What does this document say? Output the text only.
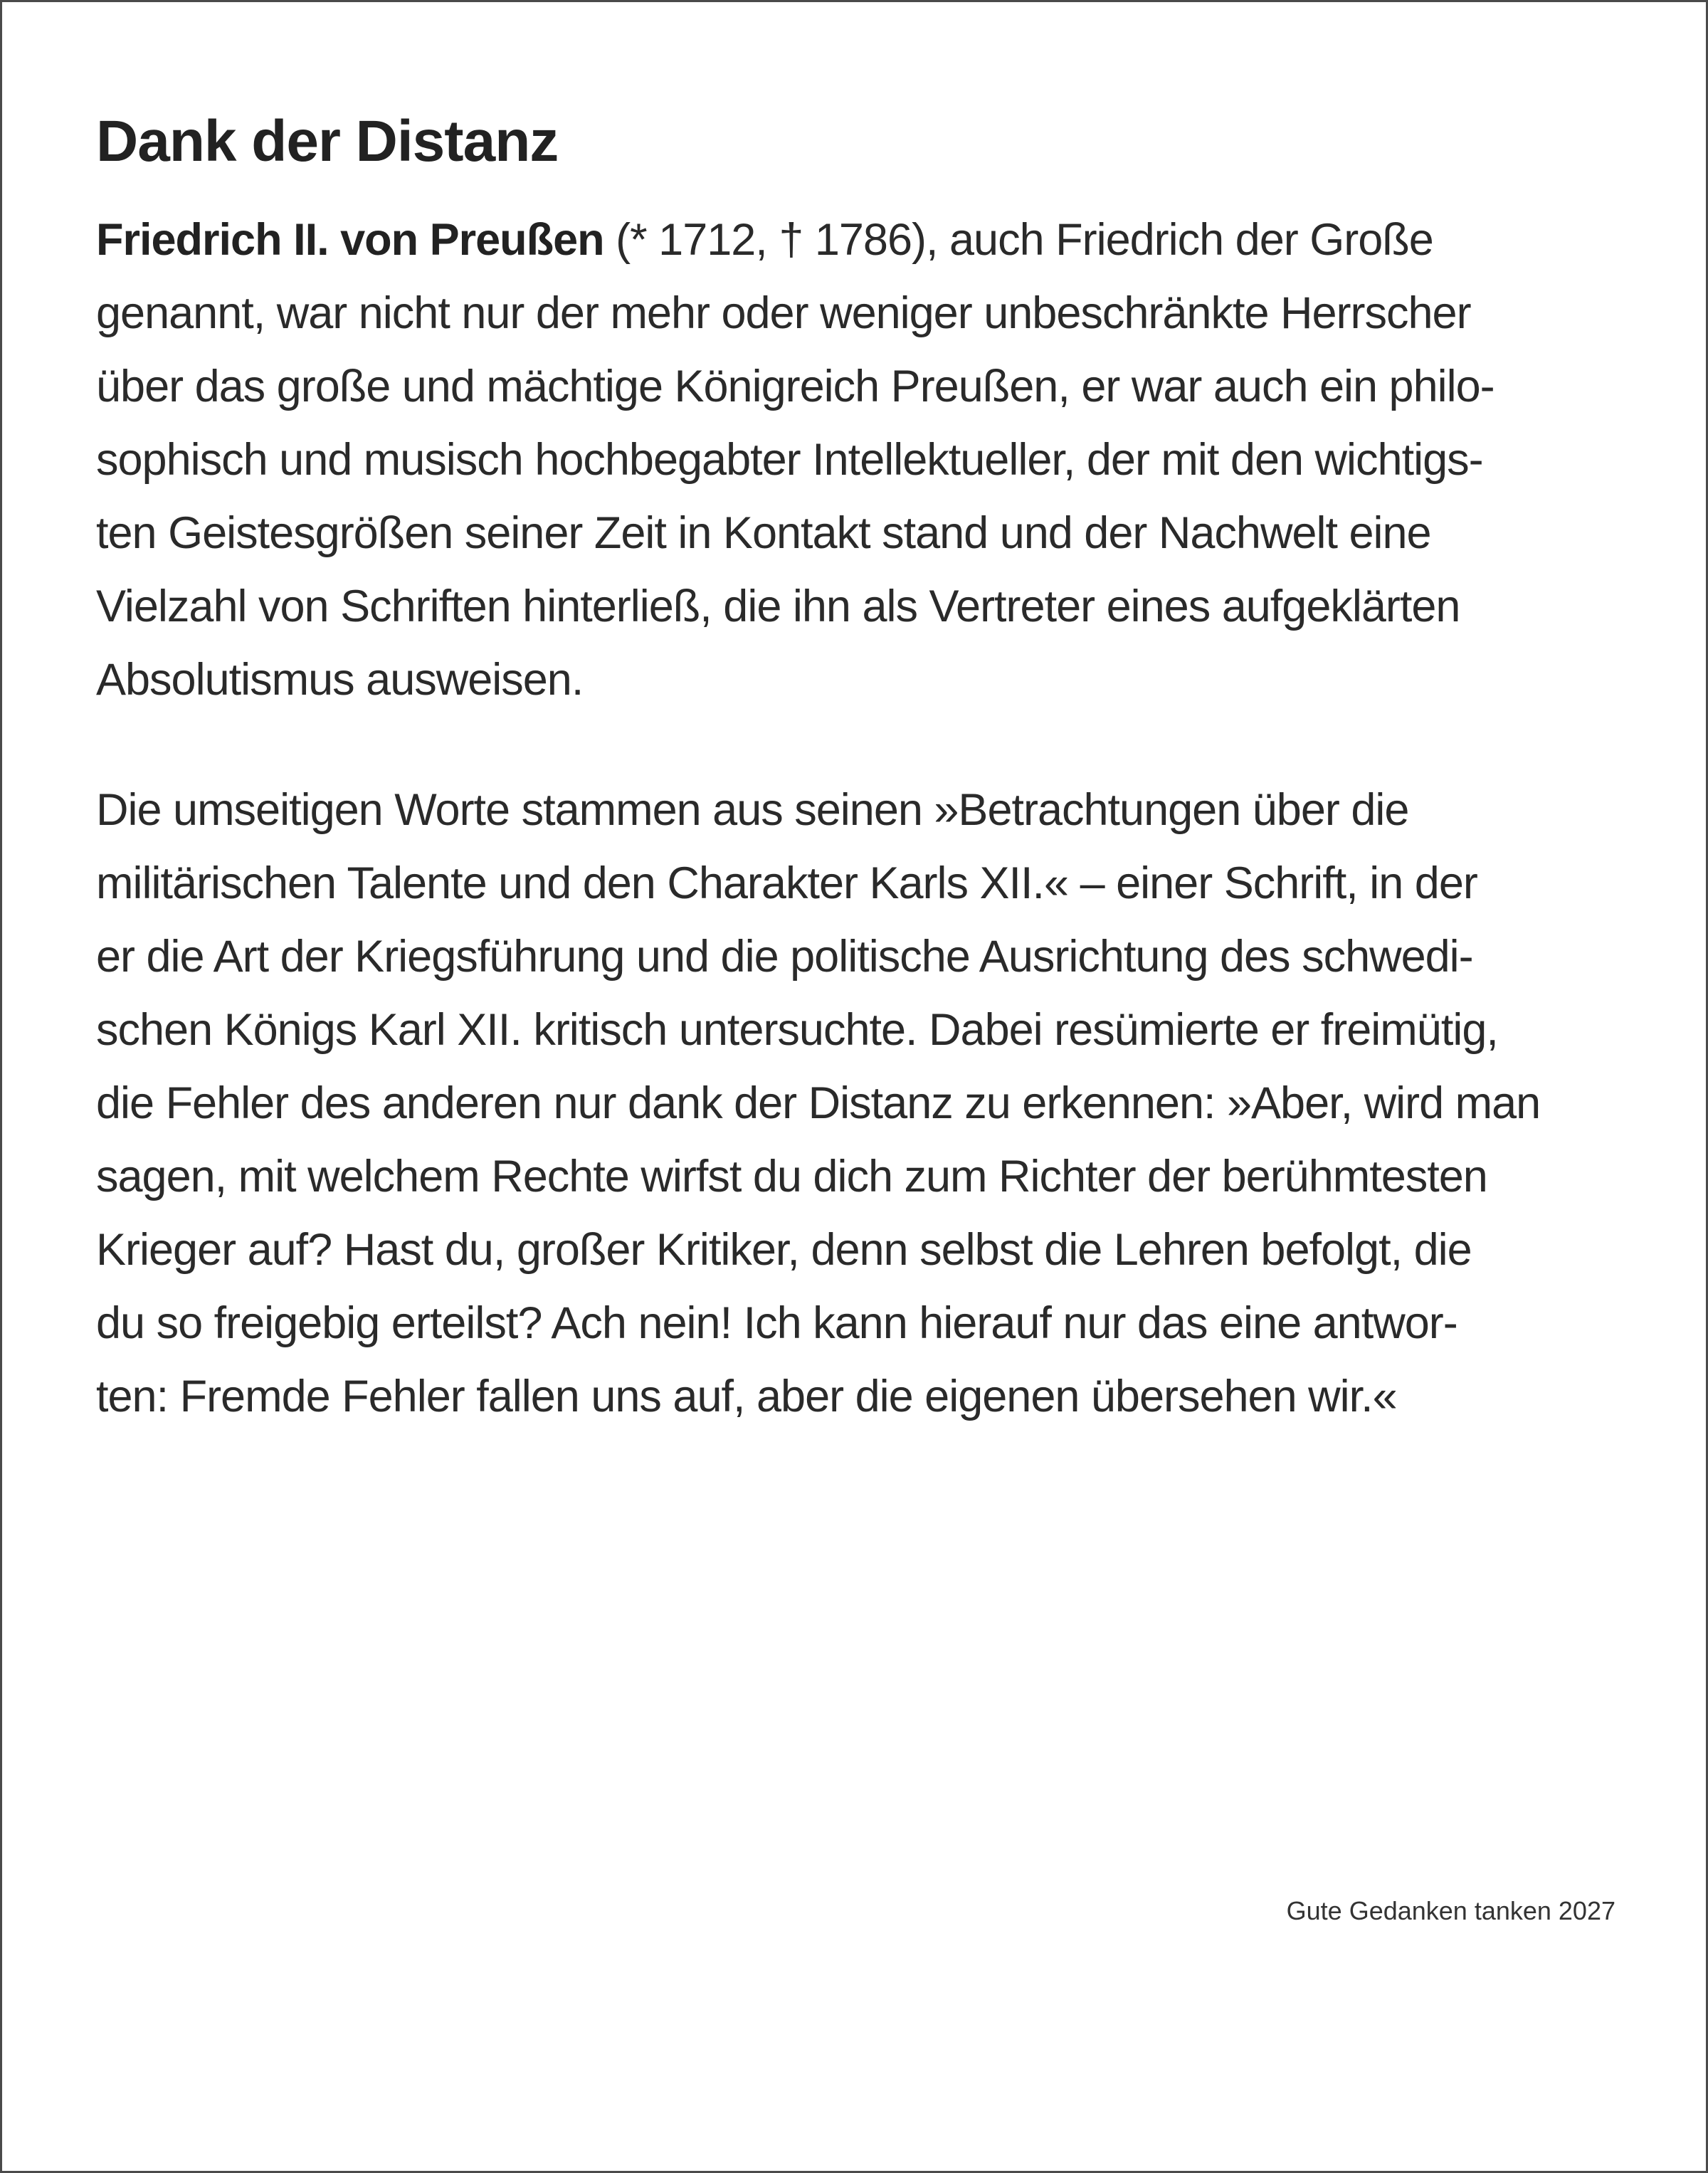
Dank der Distanz

Friedrich II. von Preußen (* 1712, † 1786), auch Friedrich der Große
genannt, war nicht nur der mehr oder weniger unbeschränkte Herrscher
über das große und mächtige Königreich Preußen, er war auch ein philo-
sophisch und musisch hochbegabter Intellektueller, der mit den wichtigs-
ten Geistesgrößen seiner Zeit in Kontakt stand und der Nachwelt eine
Vielzahl von Schriften hinterließ, die ihn als Vertreter eines aufgeklärten
Absolutismus ausweisen.

Die umseitigen Worte stammen aus seinen »Betrachtungen über die
militärischen Talente und den Charakter Karls XII.« – einer Schrift, in der
er die Art der Kriegsführung und die politische Ausrichtung des schwedi-
schen Königs Karl XII. kritisch untersuchte. Dabei resümierte er freimütig,
die Fehler des anderen nur dank der Distanz zu erkennen: »Aber, wird man
sagen, mit welchem Rechte wirfst du dich zum Richter der berühmtesten
Krieger auf? Hast du, großer Kritiker, denn selbst die Lehren befolgt, die
du so freigebig erteilst? Ach nein! Ich kann hierauf nur das eine antwor-
ten: Fremde Fehler fallen uns auf, aber die eigenen übersehen wir.«

Gute Gedanken tanken 2027
